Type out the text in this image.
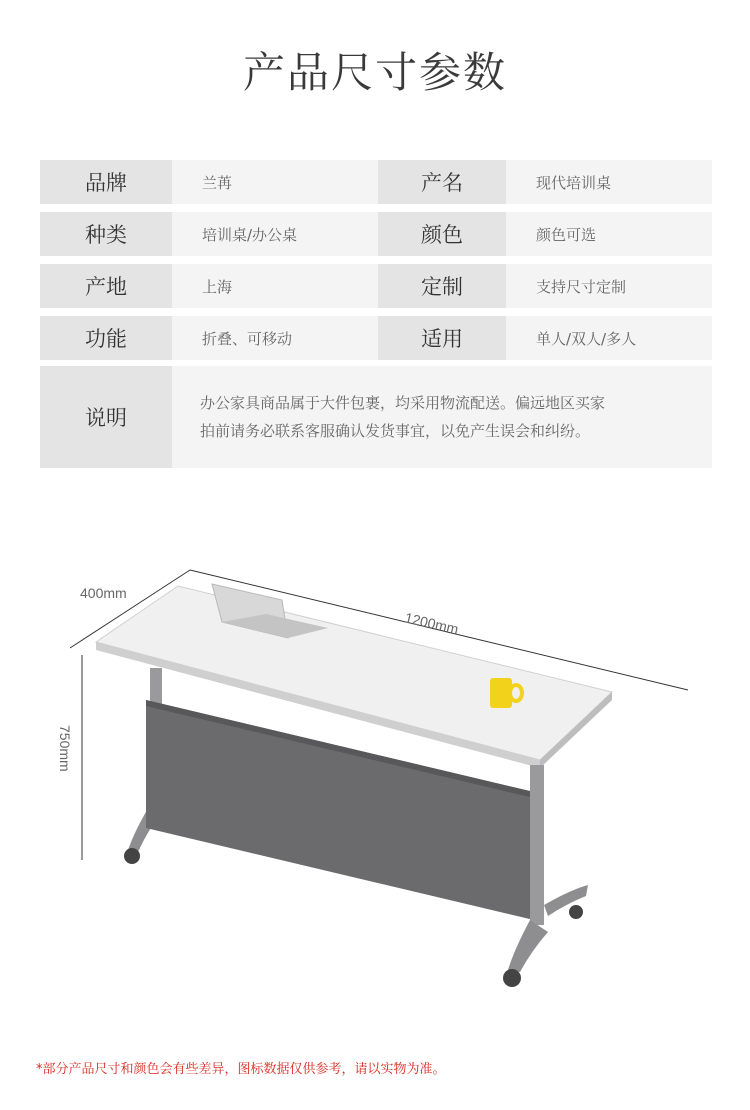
产品尺寸参数
品牌	兰苒	产名	现代培训桌
种类	培训桌/办公桌	颜色	颜色可选
产地	上海	定制	支持尺寸定制
功能	折叠、可移动	适用	单人/双人/多人
说明
办公家具商品属于大件包裹，均采用物流配送。偏远地区买家
拍前请务必联系客服确认发货事宜，以免产生误会和纠纷。
400mm
1200mm
750mm
*部分产品尺寸和颜色会有些差异，图标数据仅供参考，请以实物为准。
